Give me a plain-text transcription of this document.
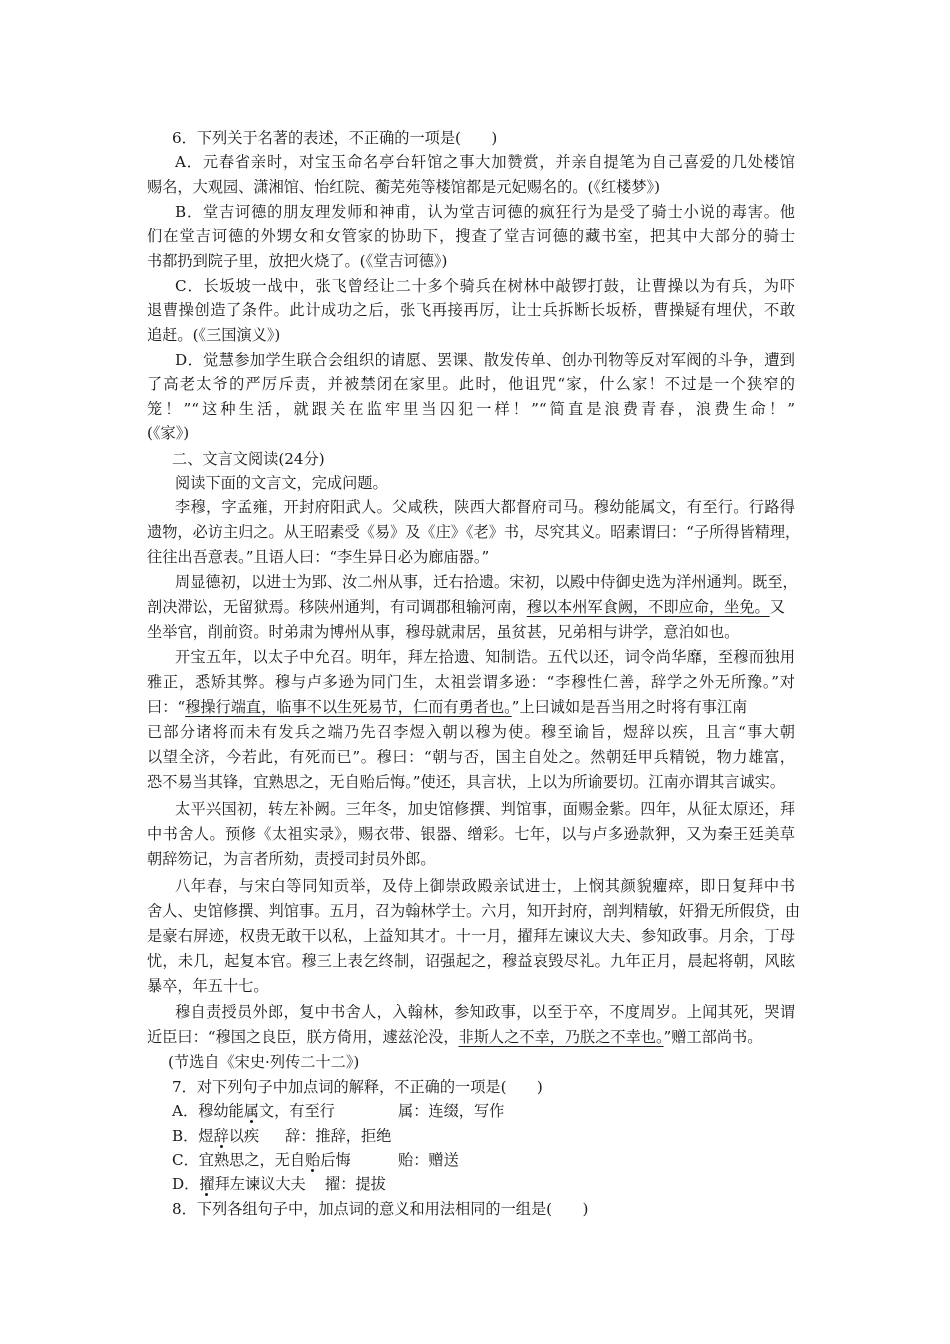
6．下列关于名著的表述，不正确的一项是(　　)
A．元春省亲时，对宝玉命名亭台轩馆之事大加赞赏，并亲自提笔为自己喜爱的几处楼馆
赐名，大观园、潇湘馆、怡红院、蘅芜苑等楼馆都是元妃赐名的。(《红楼梦》)
B．堂吉诃德的朋友理发师和神甫，认为堂吉诃德的疯狂行为是受了骑士小说的毒害。他
们在堂吉诃德的外甥女和女管家的协助下，搜查了堂吉诃德的藏书室，把其中大部分的骑士
书都扔到院子里，放把火烧了。(《堂吉诃德》)
C．长坂坡一战中，张飞曾经让二十多个骑兵在树林中敲锣打鼓，让曹操以为有兵，为吓
退曹操创造了条件。此计成功之后，张飞再接再厉，让士兵拆断长坂桥，曹操疑有埋伏，不敢
追赶。(《三国演义》)
D．觉慧参加学生联合会组织的请愿、罢课、散发传单、创办刊物等反对军阀的斗争，遭到
了高老太爷的严厉斥责，并被禁闭在家里。此时，他诅咒“家，什么家！不过是一个狭窄的
笼！”“这种生活，就跟关在监牢里当囚犯一样！”“简直是浪费青春，浪费生命！”
(《家》)
二、文言文阅读(24分)
阅读下面的文言文，完成问题。
李穆，字孟雍，开封府阳武人。父咸秩，陕西大都督府司马。穆幼能属文，有至行。行路得
遗物，必访主归之。从王昭素受《易》及《庄》《老》书，尽究其义。昭素谓曰：“子所得皆精理，
往往出吾意表。”且语人曰：“李生异日必为廊庙器。”
周显德初，以进士为郢、汝二州从事，迁右拾遗。宋初，以殿中侍御史选为洋州通判。既至，
剖决滞讼，无留狱焉。移陕州通判，有司调郡租输河南，穆以本州军食阙，不即应命，坐免。又
坐举官，削前资。时弟肃为博州从事，穆母就肃居，虽贫甚，兄弟相与讲学，意泊如也。
开宝五年，以太子中允召。明年，拜左拾遗、知制诰。五代以还，词令尚华靡，至穆而独用
雅正，悉矫其弊。穆与卢多逊为同门生，太祖尝谓多逊：“李穆性仁善，辞学之外无所豫。”对
曰：“穆操行端直，临事不以生死易节，仁而有勇者也。”上曰诚如是吾当用之时将有事江南
已部分诸将而未有发兵之端乃先召李煜入朝以穆为使。穆至谕旨，煜辞以疾，且言“事大朝
以望全济，今若此，有死而已”。穆曰：“朝与否，国主自处之。然朝廷甲兵精锐，物力雄富，
恐不易当其锋，宜熟思之，无自贻后悔。”使还，具言状，上以为所谕要切。江南亦谓其言诚实。
太平兴国初，转左补阙。三年冬，加史馆修撰、判馆事，面赐金紫。四年，从征太原还，拜
中书舍人。预修《太祖实录》，赐衣带、银器、缯彩。七年，以与卢多逊款狎，又为秦王廷美草
朝辞笏记，为言者所劾，责授司封员外郎。
八年春，与宋白等同知贡举，及侍上御崇政殿亲试进士，上悯其颜貌癯瘁，即日复拜中书
舍人、史馆修撰、判馆事。五月，召为翰林学士。六月，知开封府，剖判精敏，奸猾无所假贷，由
是豪右屏迹，权贵无敢干以私，上益知其才。十一月，擢拜左谏议大夫、参知政事。月余，丁母
忧，未几，起复本官。穆三上表乞终制，诏强起之，穆益哀毁尽礼。九年正月，晨起将朝，风眩
暴卒，年五十七。
穆自责授员外郎，复中书舍人，入翰林，参知政事，以至于卒，不度周岁。上闻其死，哭谓
近臣曰：“穆国之良臣，朕方倚用，遽兹沦没，非斯人之不幸，乃朕之不幸也。”赠工部尚书。
(节选自《宋史·列传二十二》)
7．对下列句子中加点词的解释，不正确的一项是(　　)
A．穆幼能属文，有至行	属：连缀，写作
B．煜辞以疾 辞：推辞，拒绝
C．宜熟思之，无自贻后悔	贻：赠送
D．擢拜左谏议大夫 擢：提拔
8．下列各组句子中，加点词的意义和用法相同的一组是(　　)
